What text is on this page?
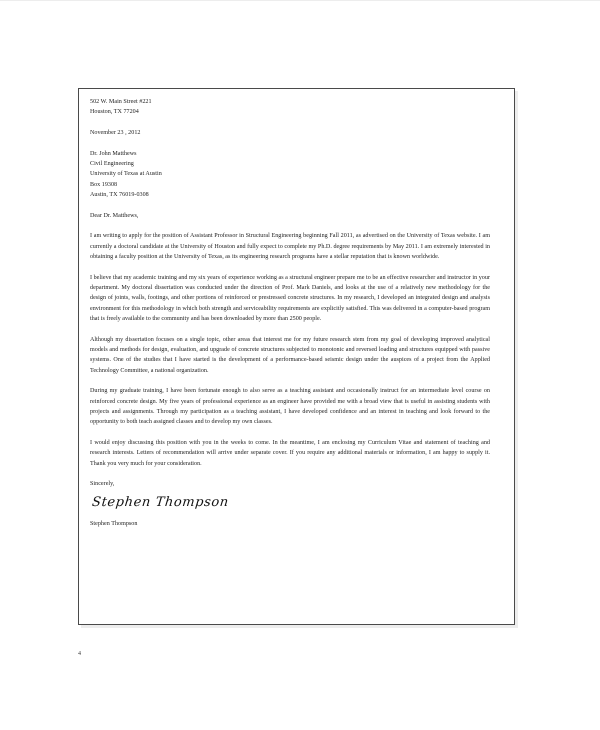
502 W. Main Street #221
Houston, TX 77204
November 23 , 2012
Dr. John Matthews
Civil Engineering
University of Texas at Austin
Box 19308
Austin, TX 76019-0308
Dear Dr. Matthews,

I am writing to apply for the position of Assistant Professor in Structural Engineering beginning Fall 2011, as advertised on the University of Texas website. I am currently a doctoral candidate at the University of Houston and fully expect to complete my Ph.D. degree requirements by May 2011. I am extremely interested in obtaining a faculty position at the University of Texas, as its engineering research programs have a stellar reputation that is known worldwide.

I believe that my academic training and my six years of experience working as a structural engineer prepare me to be an effective researcher and instructor in your department. My doctoral dissertation was conducted under the direction of Prof. Mark Daniels, and looks at the use of a relatively new methodology for the design of joints, walls, footings, and other portions of reinforced or prestressed concrete structures. In my research, I developed an integrated design and analysis environment for this methodology in which both strength and serviceability requirements are explicitly satisfied. This was delivered in a computer-based program that is freely available to the community and has been downloaded by more than 2500 people.

Although my dissertation focuses on a single topic, other areas that interest me for my future research stem from my goal of developing improved analytical models and methods for design, evaluation, and upgrade of concrete structures subjected to monotonic and reversed loading and structures equipped with passive systems. One of the studies that I have started is the development of a performance-based seismic design under the auspices of a project from the Applied Technology Committee, a national organization.

During my graduate training, I have been fortunate enough to also serve as a teaching assistant and occasionally instruct for an intermediate level course on reinforced concrete design. My five years of professional experience as an engineer have provided me with a broad view that is useful in assisting students with projects and assignments. Through my participation as a teaching assistant, I have developed confidence and an interest in teaching and look forward to the opportunity to both teach assigned classes and to develop my own classes.

I would enjoy discussing this position with you in the weeks to come. In the meantime, I am enclosing my Curriculum Vitae and statement of teaching and research interests. Letters of recommendation will arrive under separate cover. If you require any additional materials or information, I am happy to supply it. Thank you very much for your consideration.

Sincerely,
Stephen Thompson
Stephen Thompson
4
